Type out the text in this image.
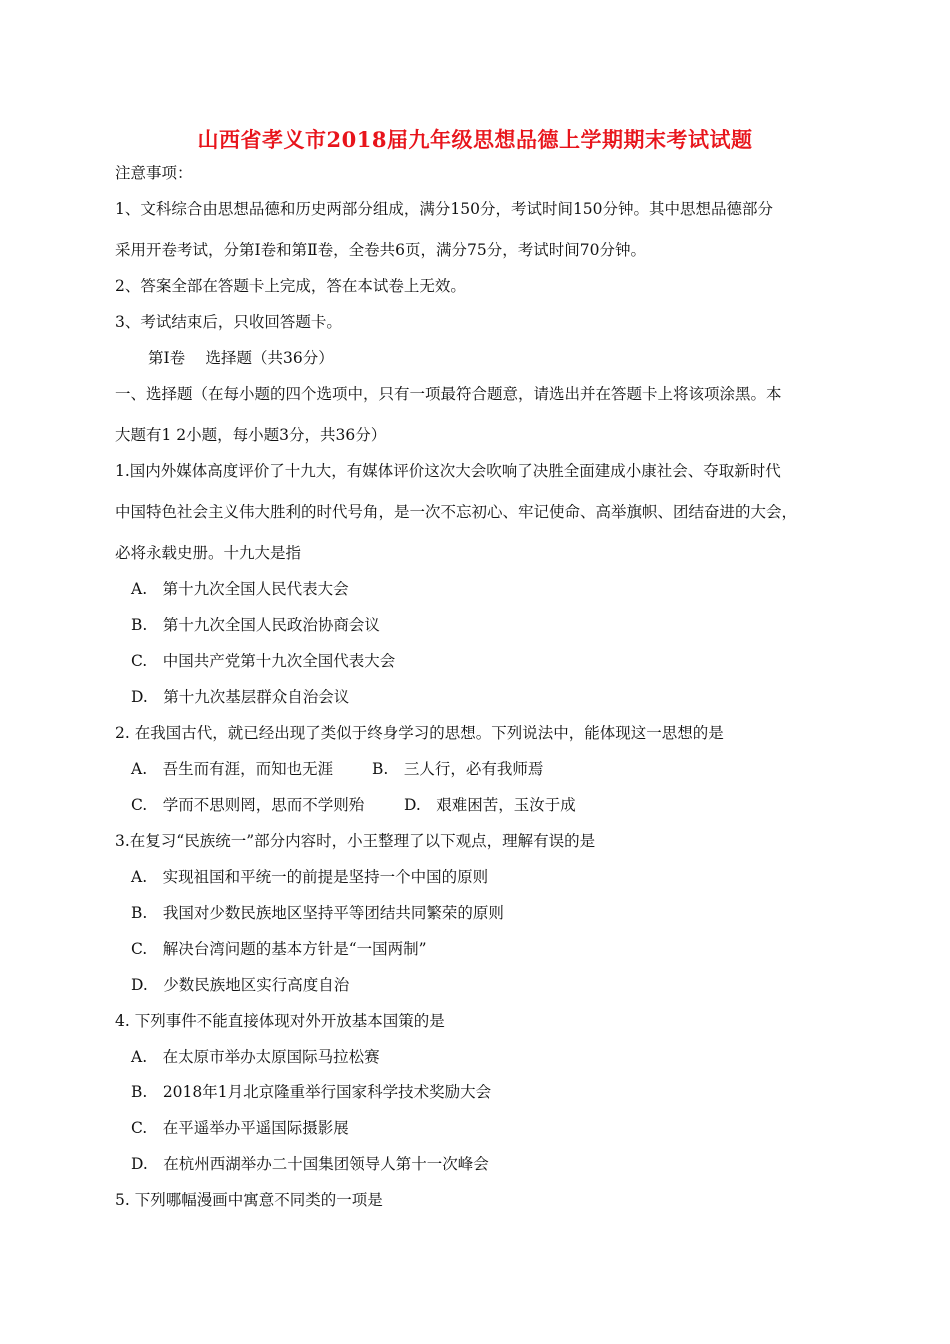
山西省孝义市2018届九年级思想品德上学期期末考试试题
注意事项：
1、文科综合由思想品德和历史两部分组成，满分150分，考试时间150分钟。其中思想品德部分
采用开卷考试，分第Ⅰ卷和第Ⅱ卷，全卷共6页，满分75分，考试时间70分钟。
2、答案全部在答题卡上完成，答在本试卷上无效。
3、考试结束后，只收回答题卡。
第Ⅰ卷　 选择题（共36分）
一、选择题（在每小题的四个选项中，只有一项最符合题意，请选出并在答题卡上将该项涂黑。本
大题有1 2小题，每小题3分，共36分）
1.国内外媒体高度评价了十九大，有媒体评价这次大会吹响了决胜全面建成小康社会、夺取新时代
中国特色社会主义伟大胜利的时代号角，是一次不忘初心、牢记使命、高举旗帜、团结奋进的大会，
必将永载史册。十九大是指
A.　第十九次全国人民代表大会
B.　第十九次全国人民政治协商会议
C.　中国共产党第十九次全国代表大会
D.　第十九次基层群众自治会议
2. 在我国古代，就已经出现了类似于终身学习的思想。下列说法中，能体现这一思想的是
A.　吾生而有涯，而知也无涯	B.　三人行，必有我师焉
C.　学而不思则罔，思而不学则殆	D.　艰难困苦，玉汝于成
3.在复习“民族统一”部分内容时，小王整理了以下观点，理解有误的是
A.　实现祖国和平统一的前提是坚持一个中国的原则
B.　我国对少数民族地区坚持平等团结共同繁荣的原则
C.　解决台湾问题的基本方针是“一国两制”
D.　少数民族地区实行高度自治
4. 下列事件不能直接体现对外开放基本国策的是
A.　在太原市举办太原国际马拉松赛
B.　2018年1月北京隆重举行国家科学技术奖励大会
C.　在平遥举办平遥国际摄影展
D.　在杭州西湖举办二十国集团领导人第十一次峰会
5. 下列哪幅漫画中寓意不同类的一项是
